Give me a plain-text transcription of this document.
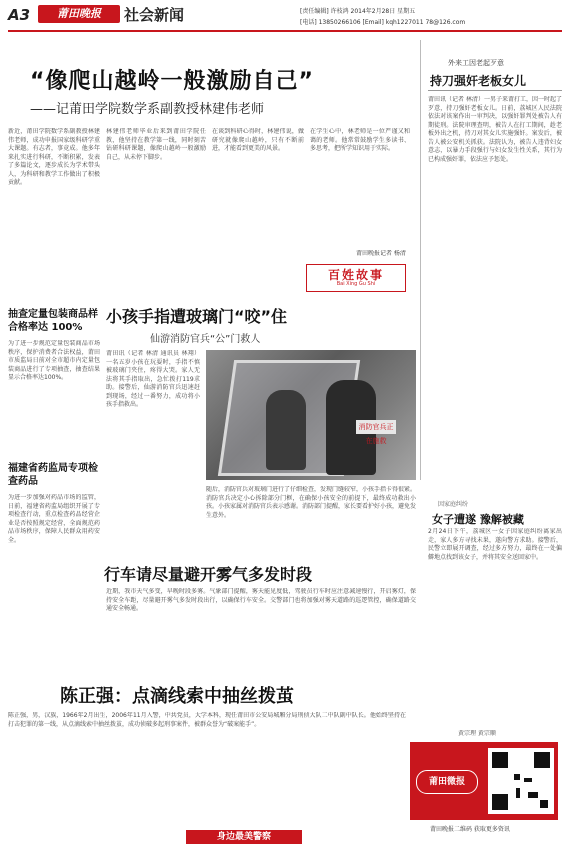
A3	莆田晚报	社会新闻	[责任编辑] 许枝鸿 2014年2月28日 星期五
[电话] 13850266106 [Email] kqh1227011 78@126.com
“像爬山越岭一般激励自己”
——记莆田学院数学系副教授林建伟老师
新近，莆田学院数学系副教授林建伟老师，成功申报国家级科研学重大课题。有志者，事竟成。他多年来扎实进行科研，不断积累，发表了多篇论文，逐步成长为学术带头人，为科研和教学工作做出了积极贡献。
林建伟老师毕业后来到莆田学院任教，他坚持在教学第一线，同时刻苦钻研科研课题，像爬山越岭一般激励自己，从未停下脚步。
在谈到科研心得时，林建伟说，做研究就像爬山越岭，只有不断前进，才能看到更美的风景。
在学生心中，林老师是一位严谨又和蔼的老师。他常常鼓励学生多读书、多思考，把所学知识用于实际。
莆田晚报记者 杨清
外来工因老起歹意
持刀强奸老板女儿
莆田讯（记者 林清）一男子来莆打工，因一时起了歹意，持刀强奸老板女儿。日前，荔城区人民法院依法对该案作出一审判决，以强奸罪判处被告人有期徒刑。法院审理查明，被告人在打工期间，趁老板外出之机，持刀对其女儿实施强奸。案发后，被告人被公安机关抓获。法院认为，被告人违背妇女意志，以暴力手段强行与妇女发生性关系，其行为已构成强奸罪，依法应予惩处。
抽查定量包装商品样合格率达 100%
为了进一步规范定量包装商品市场秩序，保护消费者合法权益，莆田市质监局日前对全市超市内定量包装商品进行了专项抽查，抽查结果显示合格率达100%。
福建省药监局专项检查药品
为进一步加强对药品市场的监管，日前，福建省药监局组织开展了专项检查行动，重点检查药品经营企业是否按照规定经营，全面规范药品市场秩序，保障人民群众用药安全。
百姓故事
Bai Xing Gu Shi
小孩手指遭玻璃门“咬”住
仙游消防官兵“公”门救人
莆田讯（记者 林清 通讯员 林翔）一名五岁小孩在玩耍时，手指不慎被玻璃门夹住，疼得大哭。家人无法将其手指取出，急忙拨打119求助。接警后，仙游消防官兵迅速赶到现场，经过一番努力，成功将小孩手指救出。
消防官兵正在施救
随后，消防官兵对玻璃门进行了仔细检查，发现门缝较窄，小孩手指卡得很紧。消防官兵决定小心拆除部分门框，在确保小孩安全的前提下，最终成功救出小孩。小孩家属对消防官兵表示感谢。消防部门提醒，家长要看护好小孩，避免发生意外。
行车请尽量避开雾气多发时段
近期，我市天气多变，早晚时段多雾。气象部门提醒，雾天能见度低，驾驶员行车时应注意减速慢行，开启雾灯，保持安全车距，尽量避开雾气多发时段出行，以确保行车安全。交警部门也将加强对雾天道路的巡逻管控，确保道路交通安全畅通。
陈正强：点滴线索中抽丝拨茧
陈正强，男，汉族，1966年2月出生，2006年11月入警，中共党员，大学本科，现任莆田市公安局城厢分局刑侦大队二中队副中队长。他始终坚持在打击犯罪的第一线，从点滴线索中抽丝拨茧，成功侦破多起刑事案件，被群众誉为“破案能手”。
因家庭纠纷
女子遭遂 豫解被藏
2月24日下午，荔城区一女子因家庭纠纷离家出走，家人多方寻找未果，遂向警方求助。接警后，民警立即展开调查，经过多方努力，最终在一处偏僻地点找到该女子，并将其安全送回家中。
黄宗理 黄宗顺
莆田微报
莆田晚报二维码 获取更多资讯
身边最美警察
